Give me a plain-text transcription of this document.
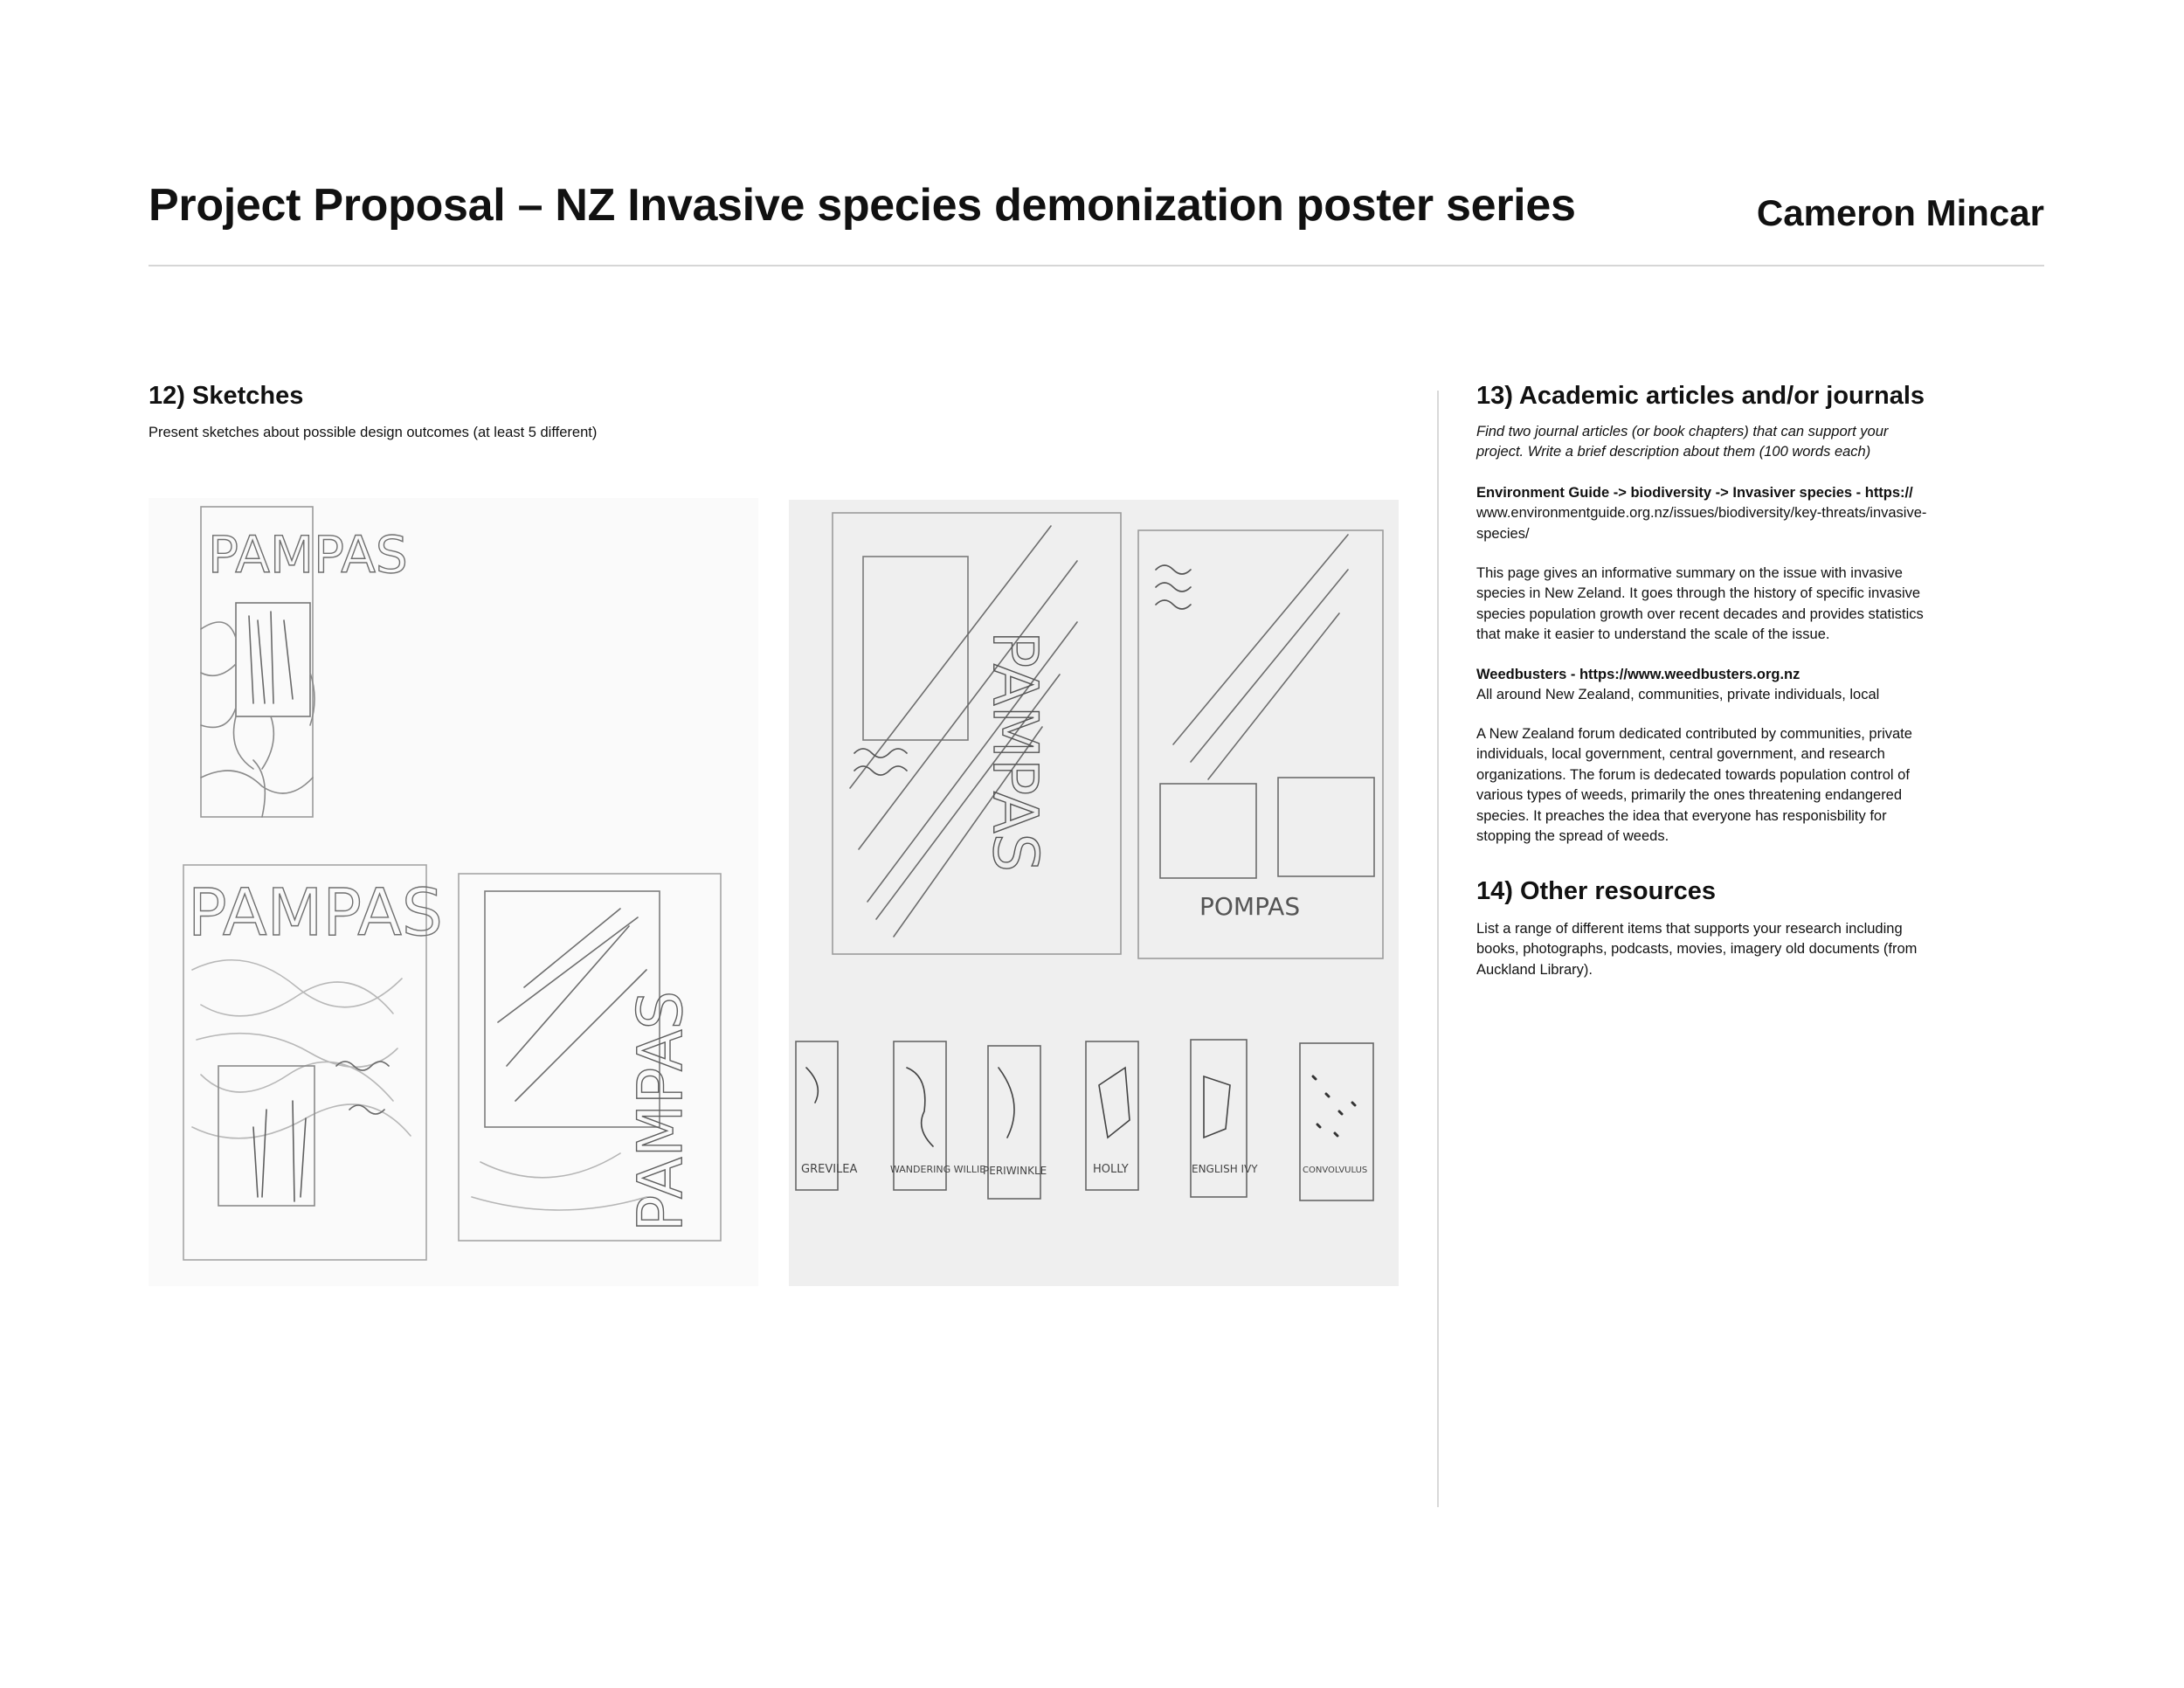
Project Proposal – NZ Invasive species demonization poster series	Cameron Mincar
12) Sketches
Present sketches about possible design outcomes (at least 5 different)
PAMPAS
PAMPAS
PAMPAS
PAMPAS
POMPAS
GREVILEA	WANDERING WILLIE
PERIWINKLE	HOLLY	ENGLISH IVY	CONVOLVULUS
13) Academic articles and/or journals
Find two journal articles (or book chapters) that can support your
project. Write a brief description about them (100 words each)
Environment Guide -> biodiversity -> Invasiver species - https://
www.environmentguide.org.nz/issues/biodiversity/key-threats/invasive-
species/
This page gives an informative summary on the issue with invasive
species in New Zeland. It goes through the history of specific invasive
species population growth over recent decades and provides statistics
that make it easier to understand the scale of the issue.
Weedbusters - https://www.weedbusters.org.nz
All around New Zealand, communities, private individuals, local
A New Zealand forum dedicated contributed by communities, private
individuals, local government, central government, and research
organizations. The forum is dedecated towards population control of
various types of weeds, primarily the ones threatening endangered
species. It preaches the idea that everyone has responisbility for
stopping the spread of weeds.
14) Other resources
List a range of different items that supports your research including
books, photographs, podcasts, movies, imagery old documents (from
Auckland Library).
